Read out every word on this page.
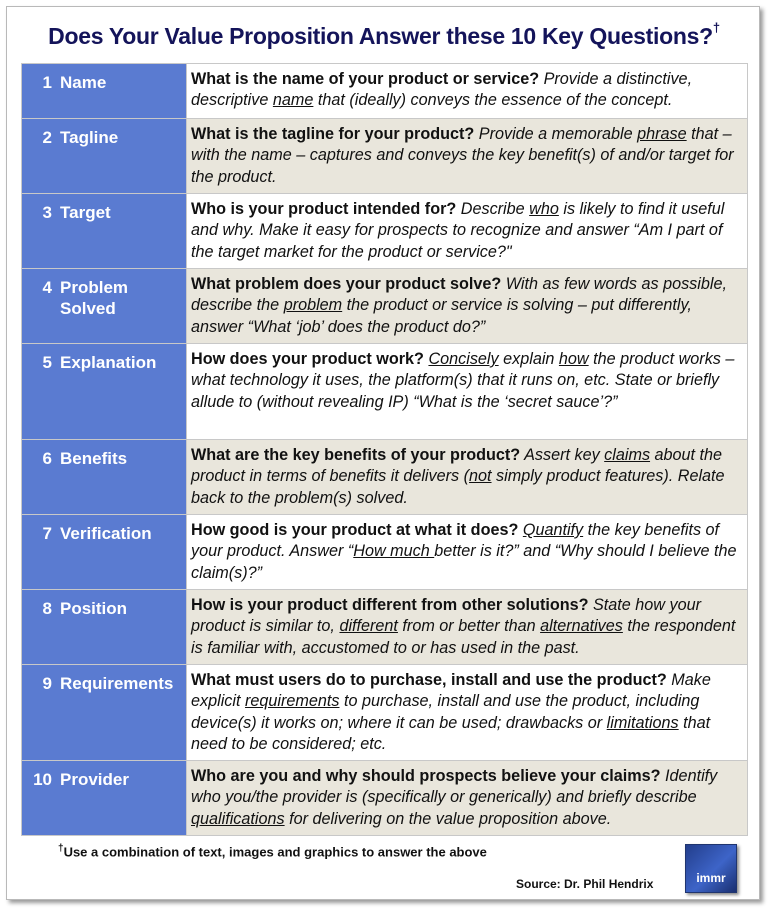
Does Your Value Proposition Answer these 10 Key Questions?†
1 Name	What is the name of your product or service? Provide a distinctive, descriptive name that (ideally) conveys the essence of the concept.
2 Tagline	What is the tagline for your product? Provide a memorable phrase that – with the name – captures and conveys the key benefit(s) of and/or target for the product.
3 Target	Who is your product intended for? Describe who is likely to find it useful and why. Make it easy for prospects to recognize and answer “Am I part of the target market for the product or service?"
4 Problem Solved	What problem does your product solve? With as few words as possible, describe the problem the product or service is solving – put differently, answer “What ‘job’ does the product do?”
5 Explanation	How does your product work? Concisely explain how the product works – what technology it uses, the platform(s) that it runs on, etc. State or briefly allude to (without revealing IP) “What is the ‘secret sauce’?”
6 Benefits	What are the key benefits of your product? Assert key claims about the product in terms of benefits it delivers (not simply product features). Relate back to the problem(s) solved.
7 Verification	How good is your product at what it does? Quantify the key benefits of your product. Answer “How much better is it?” and “Why should I believe the claim(s)?”
8 Position	How is your product different from other solutions? State how your product is similar to, different from or better than alternatives the respondent is familiar with, accustomed to or has used in the past.
9 Requirements	What must users do to purchase, install and use the product? Make explicit requirements to purchase, install and use the product, including device(s) it works on; where it can be used; drawbacks or limitations that need to be considered; etc.
10 Provider	Who are you and why should prospects believe your claims? Identify who you/the provider is (specifically or generically) and briefly describe qualifications for delivering on the value proposition above.
†Use a combination of text, images and graphics to answer the above
Source: Dr. Phil Hendrix	immr
